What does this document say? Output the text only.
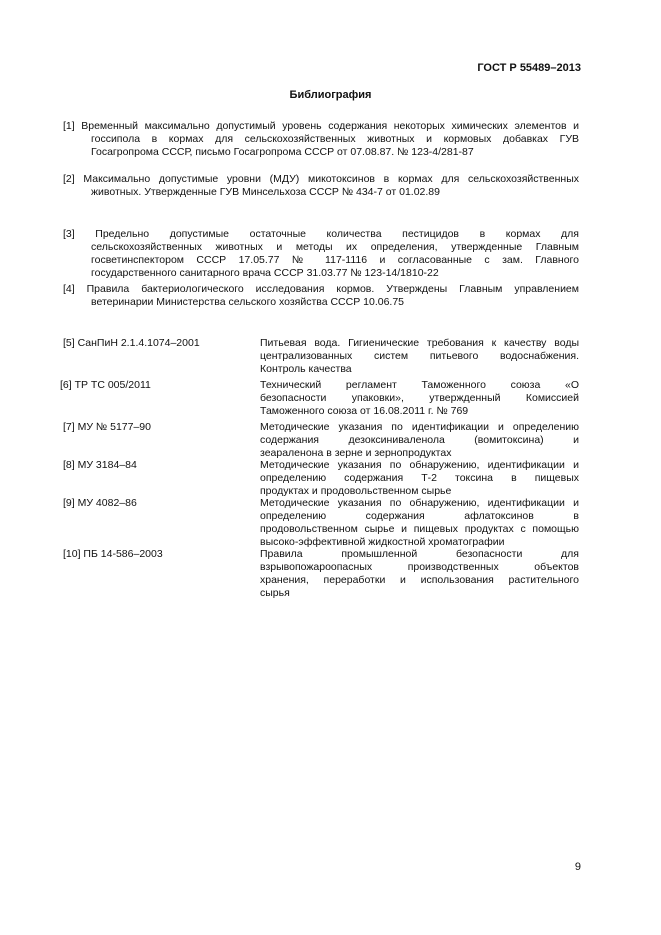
ГОСТ Р 55489–2013
Библиография
[1] Временный максимально допустимый уровень содержания некоторых химических элементов и
госсипола в кормах для сельскохозяйственных животных и кормовых добавках ГУВ
Госагропрома СССР, письмо Госагропрома СССР от 07.08.87. № 123-4/281-87
[2] Максимально допустимые уровни (МДУ) микотоксинов в кормах для сельскохозяйственных
животных. Утвержденные ГУВ Минсельхоза СССР № 434-7 от 01.02.89
[3] Предельно допустимые остаточные количества пестицидов в кормах для
сельскохозяйственных животных и методы их определения, утвержденные Главным
госветинспектором СССР 17.05.77 № 117-1116 и согласованные с зам. Главного
государственного санитарного врача СССР 31.03.77 № 123-14/1810-22
[4] Правила бактериологического исследования кормов. Утверждены Главным управлением
ветеринарии Министерства сельского хозяйства СССР 10.06.75
[5] СанПиН 2.1.4.1074–2001	Питьевая вода. Гигиенические требования к качеству воды
централизованных систем питьевого водоснабжения.
Контроль качества
[6] ТР ТС 005/2011	Технический регламент Таможенного союза «О
безопасности упаковки», утвержденный Комиссией
Таможенного союза от 16.08.2011 г. № 769
[7] МУ № 5177–90	Методические указания по идентификации и определению
содержания дезоксиниваленола (вомитоксина) и
зеараленона в зерне и зернопродуктах
[8] МУ 3184–84	Методические указания по обнаружению, идентификации и
определению содержания Т-2 токсина в пищевых
продуктах и продовольственном сырье
[9] МУ 4082–86	Методические указания по обнаружению, идентификации и
определению содержания афлатоксинов в
продовольственном сырье и пищевых продуктах с помощью
высоко-эффективной жидкостной хроматографии
[10] ПБ 14-586–2003	Правила промышленной безопасности для
взрывопожароопасных производственных объектов
хранения, переработки и использования растительного
сырья
9
